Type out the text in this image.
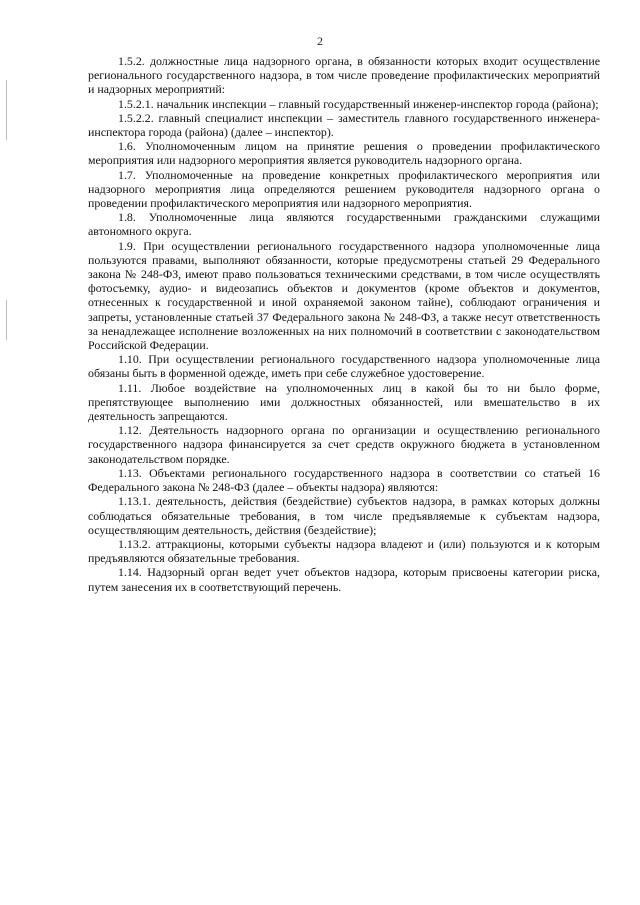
2

1.5.2. должностные лица надзорного органа, в обязанности которых входит осуществление регионального государственного надзора, в том числе проведение профилактических мероприятий и надзорных мероприятий:

1.5.2.1. начальник инспекции – главный государственный инженер-инспектор города (района);

1.5.2.2. главный специалист инспекции – заместитель главного государственного инженера-инспектора города (района) (далее – инспектор).

1.6. Уполномоченным лицом на принятие решения о проведении профилактического мероприятия или надзорного мероприятия является руководитель надзорного органа.

1.7. Уполномоченные на проведение конкретных профилактического мероприятия или надзорного мероприятия лица определяются решением руководителя надзорного органа о проведении профилактического мероприятия или надзорного мероприятия.

1.8. Уполномоченные лица являются государственными гражданскими служащими автономного округа.

1.9. При осуществлении регионального государственного надзора уполномоченные лица пользуются правами, выполняют обязанности, которые предусмотрены статьей 29 Федерального закона № 248-ФЗ, имеют право пользоваться техническими средствами, в том числе осуществлять фотосъемку, аудио- и видеозапись объектов и документов (кроме объектов и документов, отнесенных к государственной и иной охраняемой законом тайне), соблюдают ограничения и запреты, установленные статьей 37 Федерального закона № 248-ФЗ, а также несут ответственность за ненадлежащее исполнение возложенных на них полномочий в соответствии с законодательством Российской Федерации.

1.10. При осуществлении регионального государственного надзора уполномоченные лица обязаны быть в форменной одежде, иметь при себе служебное удостоверение.

1.11. Любое воздействие на уполномоченных лиц в какой бы то ни было форме, препятствующее выполнению ими должностных обязанностей, или вмешательство в их деятельность запрещаются.

1.12. Деятельность надзорного органа по организации и осуществлению регионального государственного надзора финансируется за счет средств окружного бюджета в установленном законодательством порядке.

1.13. Объектами регионального государственного надзора в соответствии со статьей 16 Федерального закона № 248-ФЗ (далее – объекты надзора) являются:

1.13.1. деятельность, действия (бездействие) субъектов надзора, в рамках которых должны соблюдаться обязательные требования, в том числе предъявляемые к субъектам надзора, осуществляющим деятельность, действия (бездействие);

1.13.2. аттракционы, которыми субъекты надзора владеют и (или) пользуются и к которым предъявляются обязательные требования.

1.14. Надзорный орган ведет учет объектов надзора, которым присвоены категории риска, путем занесения их в соответствующий перечень.
